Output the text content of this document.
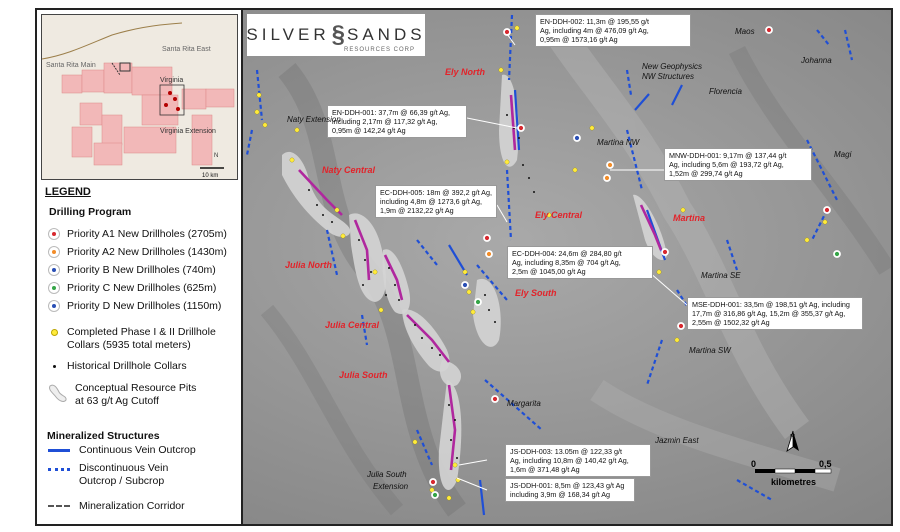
Santa Rita East
Santa Rita Main
Virginia
Virginia Extension
N
10 km
LEGEND
Drilling Program
Priority A1 New Drillholes (2705m)
Priority A2 New Drillholes (1430m)
Priority B New Drillholes (740m)
Priority C New Drillholes (625m)
Priority D New Drillholes (1150m)
Completed Phase I & II Drillhole
Collars (5935 total meters)
Historical Drillhole Collars
Conceptual Resource Pits
at 63 g/t Ag Cutoff
Mineralized Structures
Continuous Vein Outcrop
Discontinuous Vein
Outcrop / Subcrop
Mineralization Corridor
SILVER § SANDS
RESOURCES CORP
EN-DDH-002: 11,3m @ 195,55 g/t
Ag, including 4m @ 476,09 g/t Ag,
0,95m @ 1573,16 g/t Ag
EN-DDH-001: 37,7m @ 66,39 g/t Ag,
including 2,17m @ 117,32 g/t Ag,
0,95m @ 142,24 g/t Ag
MNW-DDH-001: 9,17m @ 137,44 g/t
Ag, including 5,6m @ 193,72 g/t Ag,
1,52m @ 299,74 g/t Ag
EC-DDH-005: 18m @ 392,2 g/t Ag,
including 4,8m @ 1273,6 g/t Ag,
1,9m @ 2132,22 g/t Ag
EC-DDH-004: 24,6m @ 284,80 g/t
Ag, including 8,35m @ 704 g/t Ag,
2,5m @ 1045,00 g/t Ag
MSE-DDH-001: 33,5m @ 198,51 g/t Ag, including
17,7m @ 316,86 g/t Ag, 15,2m @ 355,37 g/t Ag,
2,55m @ 1502,32 g/t Ag
JS-DDH-003: 13.05m @ 122,33 g/t
Ag, including 10,8m @ 140,42 g/t Ag,
1,6m @ 371,48 g/t Ag
JS-DDH-001: 8,5m @ 123,43 g/t Ag
including 3,9m @ 168,34 g/t Ag
Ely North
Naty Central
Ely Central	Martina
Julia North
Ely South
Julia Central
Julia South
Maos
Johanna
New Geophysics
NW Structures
Florencia
Naty Extension
Martina NW
Magi
Martina SE
Martina SW
Margarita
Jazmin East
Julia South
Extension
N
0	0,5
kilometres
